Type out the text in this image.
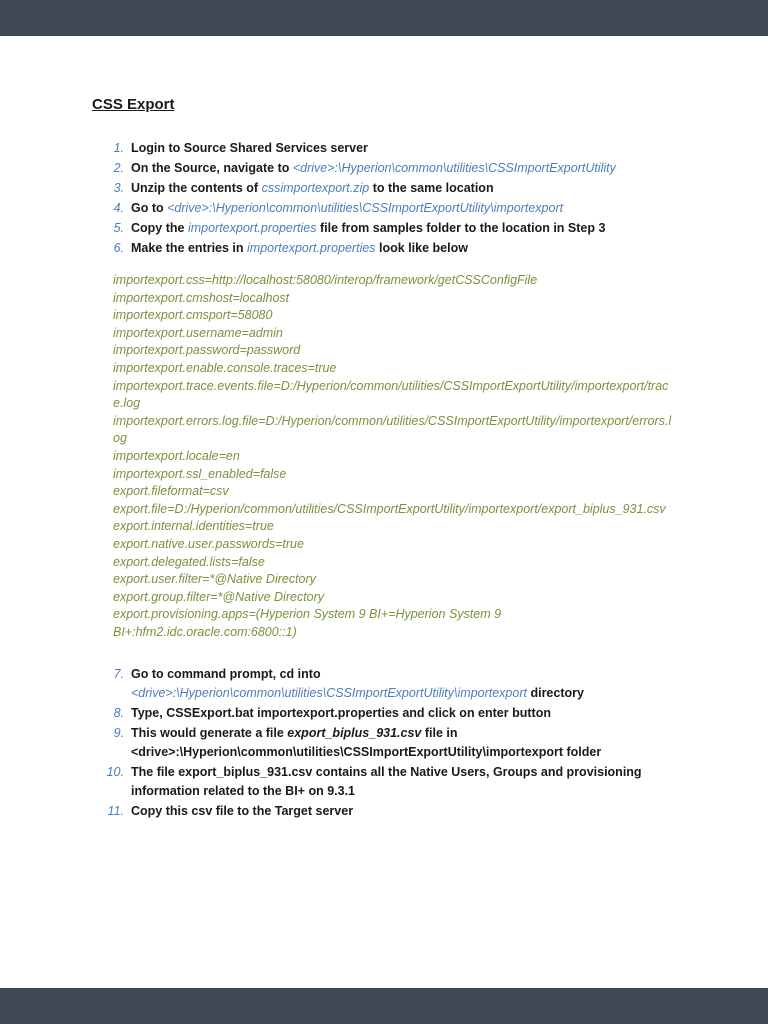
CSS Export
1. Login to Source Shared Services server
2. On the Source, navigate to <drive>:\Hyperion\common\utilities\CSSImportExportUtility
3. Unzip the contents of cssimportexport.zip to the same location
4. Go to <drive>:\Hyperion\common\utilities\CSSImportExportUtility\importexport
5. Copy the importexport.properties file from samples folder to the location in Step 3
6. Make the entries in importexport.properties look like below
importexport.css=http://localhost:58080/interop/framework/getCSSConfigFile
importexport.cmshost=localhost
importexport.cmsport=58080
importexport.username=admin
importexport.password=password
importexport.enable.console.traces=true
importexport.trace.events.file=D:/Hyperion/common/utilities/CSSImportExportUtility/importexport/trace.log
importexport.errors.log.file=D:/Hyperion/common/utilities/CSSImportExportUtility/importexport/errors.log
importexport.locale=en
importexport.ssl_enabled=false
export.fileformat=csv
export.file=D:/Hyperion/common/utilities/CSSImportExportUtility/importexport/export_biplus_931.csv
export.internal.identities=true
export.native.user.passwords=true
export.delegated.lists=false
export.user.filter=*@Native Directory
export.group.filter=*@Native Directory
export.provisioning.apps=(Hyperion System 9 BI+=Hyperion System 9 BI+:hfm2.idc.oracle.com:6800::1)
7. Go to command prompt, cd into <drive>:\Hyperion\common\utilities\CSSImportExportUtility\importexport directory
8. Type, CSSExport.bat importexport.properties and click on enter button
9. This would generate a file export_biplus_931.csv file in <drive>:\Hyperion\common\utilities\CSSImportExportUtility\importexport folder
10. The file export_biplus_931.csv contains all the Native Users, Groups and provisioning information related to the BI+ on 9.3.1
11. Copy this csv file to the Target server
